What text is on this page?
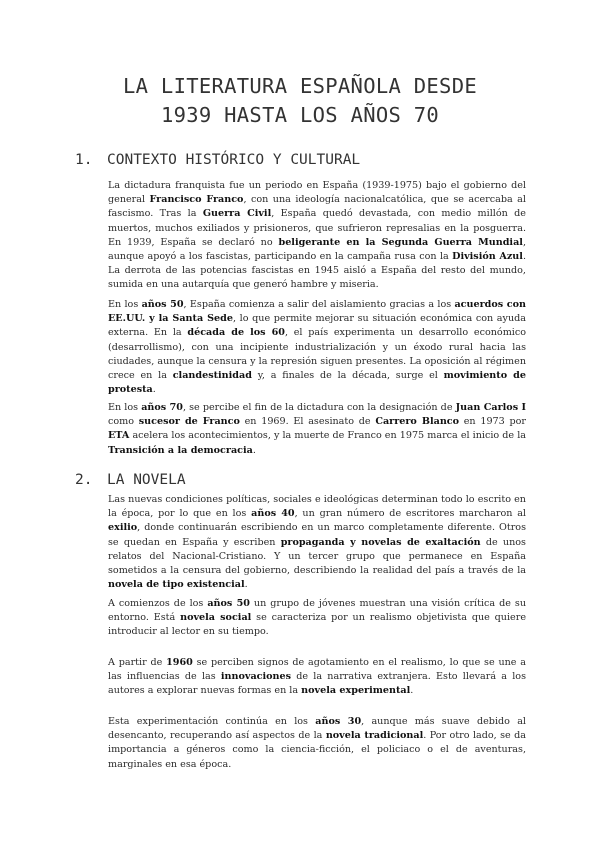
LA LITERATURA ESPAÑOLA DESDE
1939 HASTA LOS AÑOS 70
1. CONTEXTO HISTÓRICO Y CULTURAL

La dictadura franquista fue un periodo en España (1939-1975) bajo el gobierno del general Francisco Franco, con una ideología nacionalcatólica, que se acercaba al fascismo. Tras la Guerra Civil, España quedó devastada, con medio millón de muertos, muchos exiliados y prisioneros, que sufrieron represalias en la posguerra. En 1939, España se declaró no beligerante en la Segunda Guerra Mundial, aunque apoyó a los fascistas, participando en la campaña rusa con la División Azul. La derrota de las potencias fascistas en 1945 aisló a España del resto del mundo, sumida en una autarquía que generó hambre y miseria.

En los años 50, España comienza a salir del aislamiento gracias a los acuerdos con EE.UU. y la Santa Sede, lo que permite mejorar su situación económica con ayuda externa. En la década de los 60, el país experimenta un desarrollo económico (desarrollismo), con una incipiente industrialización y un éxodo rural hacia las ciudades, aunque la censura y la represión siguen presentes. La oposición al régimen crece en la clandestinidad y, a finales de la década, surge el movimiento de protesta.

En los años 70, se percibe el fin de la dictadura con la designación de Juan Carlos I como sucesor de Franco en 1969. El asesinato de Carrero Blanco en 1973 por ETA acelera los acontecimientos, y la muerte de Franco en 1975 marca el inicio de la Transición a la democracia.

2. LA NOVELA

Las nuevas condiciones políticas, sociales e ideológicas determinan todo lo escrito en la época, por lo que en los años 40, un gran número de escritores marcharon al exilio, donde continuarán escribiendo en un marco completamente diferente. Otros se quedan en España y escriben propaganda y novelas de exaltación de unos relatos del Nacional-Cristiano. Y un tercer grupo que permanece en España sometidos a la censura del gobierno, describiendo la realidad del país a través de la novela de tipo existencial.

A comienzos de los años 50 un grupo de jóvenes muestran una visión crítica de su entorno. Está novela social se caracteriza por un realismo objetivista que quiere introducir al lector en su tiempo.

A partir de 1960 se perciben signos de agotamiento en el realismo, lo que se une a las influencias de las innovaciones de la narrativa extranjera. Esto llevará a los autores a explorar nuevas formas en la novela experimental.

Esta experimentación continúa en los años 30, aunque más suave debido al desencanto, recuperando así aspectos de la novela tradicional. Por otro lado, se da importancia a géneros como la ciencia-ficción, el policiaco o el de aventuras, marginales en esa época.
